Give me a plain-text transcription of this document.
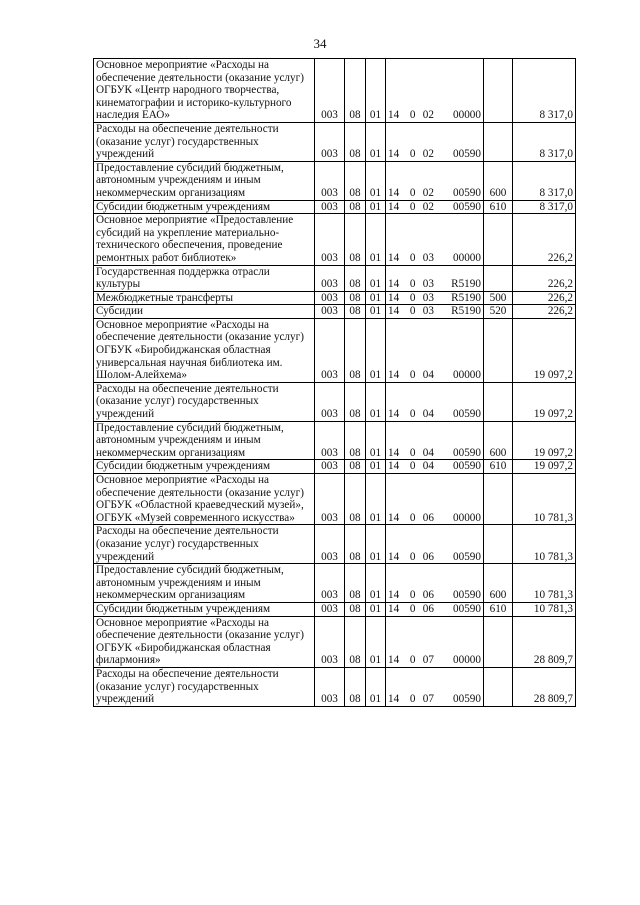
34
Основное мероприятие «Расходы на обеспечение деятельности (оказание услуг) ОГБУК «Центр народного творчества, кинематографии и историко-культурного наследия ЕАО»	003	08	01	14 0 02 00000		8 317,0
Расходы на обеспечение деятельности (оказание услуг) государственных учреждений	003	08	01	14 0 02 00590		8 317,0
Предоставление субсидий бюджетным, автономным учреждениям и иным некоммерческим организациям	003	08	01	14 0 02 00590	600	8 317,0
Субсидии бюджетным учреждениям	003	08	01	14 0 02 00590	610	8 317,0
Основное мероприятие «Предоставление субсидий на укрепление материально-технического обеспечения, проведение ремонтных работ библиотек»	003	08	01	14 0 03 00000		226,2
Государственная поддержка отрасли культуры	003	08	01	14 0 03 R5190		226,2
Межбюджетные трансферты	003	08	01	14 0 03 R5190	500	226,2
Субсидии	003	08	01	14 0 03 R5190	520	226,2
Основное мероприятие «Расходы на обеспечение деятельности (оказание услуг) ОГБУК «Биробиджанская областная универсальная научная библиотека им. Шолом-Алейхема»	003	08	01	14 0 04 00000		19 097,2
Расходы на обеспечение деятельности (оказание услуг) государственных учреждений	003	08	01	14 0 04 00590		19 097,2
Предоставление субсидий бюджетным, автономным учреждениям и иным некоммерческим организациям	003	08	01	14 0 04 00590	600	19 097,2
Субсидии бюджетным учреждениям	003	08	01	14 0 04 00590	610	19 097,2
Основное мероприятие «Расходы на обеспечение деятельности (оказание услуг) ОГБУК «Областной краеведческий музей», ОГБУК «Музей современного искусства»	003	08	01	14 0 06 00000		10 781,3
Расходы на обеспечение деятельности (оказание услуг) государственных учреждений	003	08	01	14 0 06 00590		10 781,3
Предоставление субсидий бюджетным, автономным учреждениям и иным некоммерческим организациям	003	08	01	14 0 06 00590	600	10 781,3
Субсидии бюджетным учреждениям	003	08	01	14 0 06 00590	610	10 781,3
Основное мероприятие «Расходы на обеспечение деятельности (оказание услуг) ОГБУК «Биробиджанская областная филармония»	003	08	01	14 0 07 00000		28 809,7
Расходы на обеспечение деятельности (оказание услуг) государственных учреждений	003	08	01	14 0 07 00590		28 809,7
